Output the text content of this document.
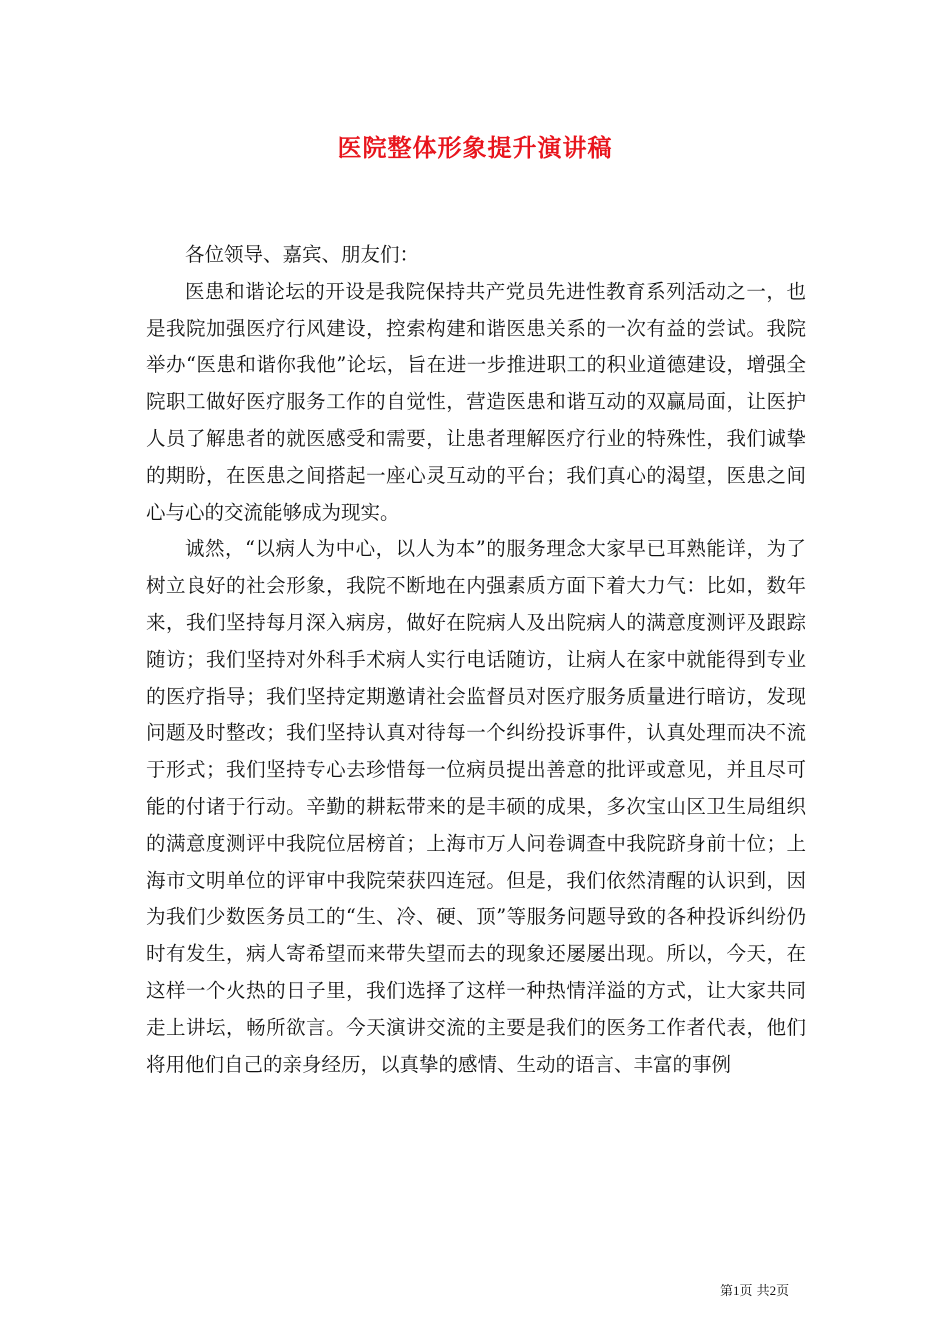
医院整体形象提升演讲稿

各位领导、嘉宾、朋友们：

医患和谐论坛的开设是我院保持共产党员先进性教育系列活动之一，也是我院加强医疗行风建设，控索构建和谐医患关系的一次有益的尝试。我院举办“医患和谐你我他”论坛，旨在进一步推进职工的积业道德建设，增强全院职工做好医疗服务工作的自觉性，营造医患和谐互动的双赢局面，让医护人员了解患者的就医感受和需要，让患者理解医疗行业的特殊性，我们诚挚的期盼，在医患之间搭起一座心灵互动的平台；我们真心的渴望，医患之间心与心的交流能够成为现实。

诚然，“以病人为中心，以人为本”的服务理念大家早已耳熟能详，为了树立良好的社会形象，我院不断地在内强素质方面下着大力气：比如，数年来，我们坚持每月深入病房，做好在院病人及出院病人的满意度测评及跟踪随访；我们坚持对外科手术病人实行电话随访，让病人在家中就能得到专业的医疗指导；我们坚持定期邀请社会监督员对医疗服务质量进行暗访，发现问题及时整改；我们坚持认真对待每一个纠纷投诉事件，认真处理而决不流于形式；我们坚持专心去珍惜每一位病员提出善意的批评或意见，并且尽可能的付诸于行动。辛勤的耕耘带来的是丰硕的成果，多次宝山区卫生局组织的满意度测评中我院位居榜首；上海市万人问卷调查中我院跻身前十位；上海市文明单位的评审中我院荣获四连冠。但是，我们依然清醒的认识到，因为我们少数医务员工的“生、冷、硬、顶”等服务问题导致的各种投诉纠纷仍时有发生，病人寄希望而来带失望而去的现象还屡屡出现。所以，今天，在这样一个火热的日子里，我们选择了这样一种热情洋溢的方式，让大家共同走上讲坛，畅所欲言。今天演讲交流的主要是我们的医务工作者代表，他们将用他们自己的亲身经历，以真挚的感情、生动的语言、丰富的事例

第1页 共2页
